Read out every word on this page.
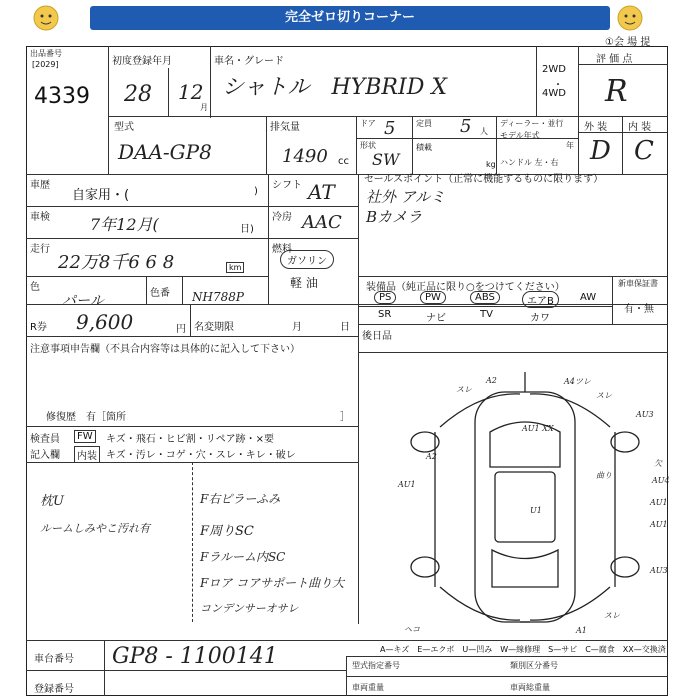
完全ゼロ切りコーナー
①会 場 提
出品番号
[2029]
4339
初度登録年月
28 12
月
車名・グレード
シャトル　HYBRID X
2WD
・
4WD
評 価 点
R
型式
DAA-GP8
排気量
1490 cc
ドア 5	定員 5 人
形状
SW
積載
kg
ディーラー・並行
モデル年式
年
ハンドル 左・右
外 装 内 装
D C
車歴
自家用・(	)
シフト AT
車検	7年12月(	日)
冷房 AAC
走行
22万8千6 6 8	km
燃料
ガソリン
軽 油
色
パール	色番 NH788P
R券 9,600	円 名変期限	月	日
セールスポイント（正常に機能するものに限ります）
社外 アルミ
Bカメラ
装備品（純正品に限り○をつけてください）	新車保証書
有・無
PS	PW	ABS	エアB	AW
SR	ナビ	TV	カワ
後日品
注意事項申告欄（不具合内容等は具体的に記入して下さい）
修復歴　有［箇所	］
検査員	FW	キズ・飛石・ヒビ割・リペア跡・×要
記入欄	内装 キズ・汚レ・コゲ・穴・スレ・キレ・破レ
枕U
ルームしみやこ汚れ有
F右ピラーふみ
F周りSC
Fラルーム内SC
Fロア コアサポート曲り大
コンデンサーオサレ
スレ
A2	A4ツレ
スレ
AU3
AU1 XX
A2
AU1
U1
AU4
AU1
AU1
AU3
A1
ヘコ
スレ
欠
曲り
車台番号 GP8 - 1100141
登録番号
A—キズ　E—エクボ　U—凹み　W—線修理　S—サビ　C—腐食　XX—交換済
型式指定番号	類別区分番号
車両重量	車両総重量
